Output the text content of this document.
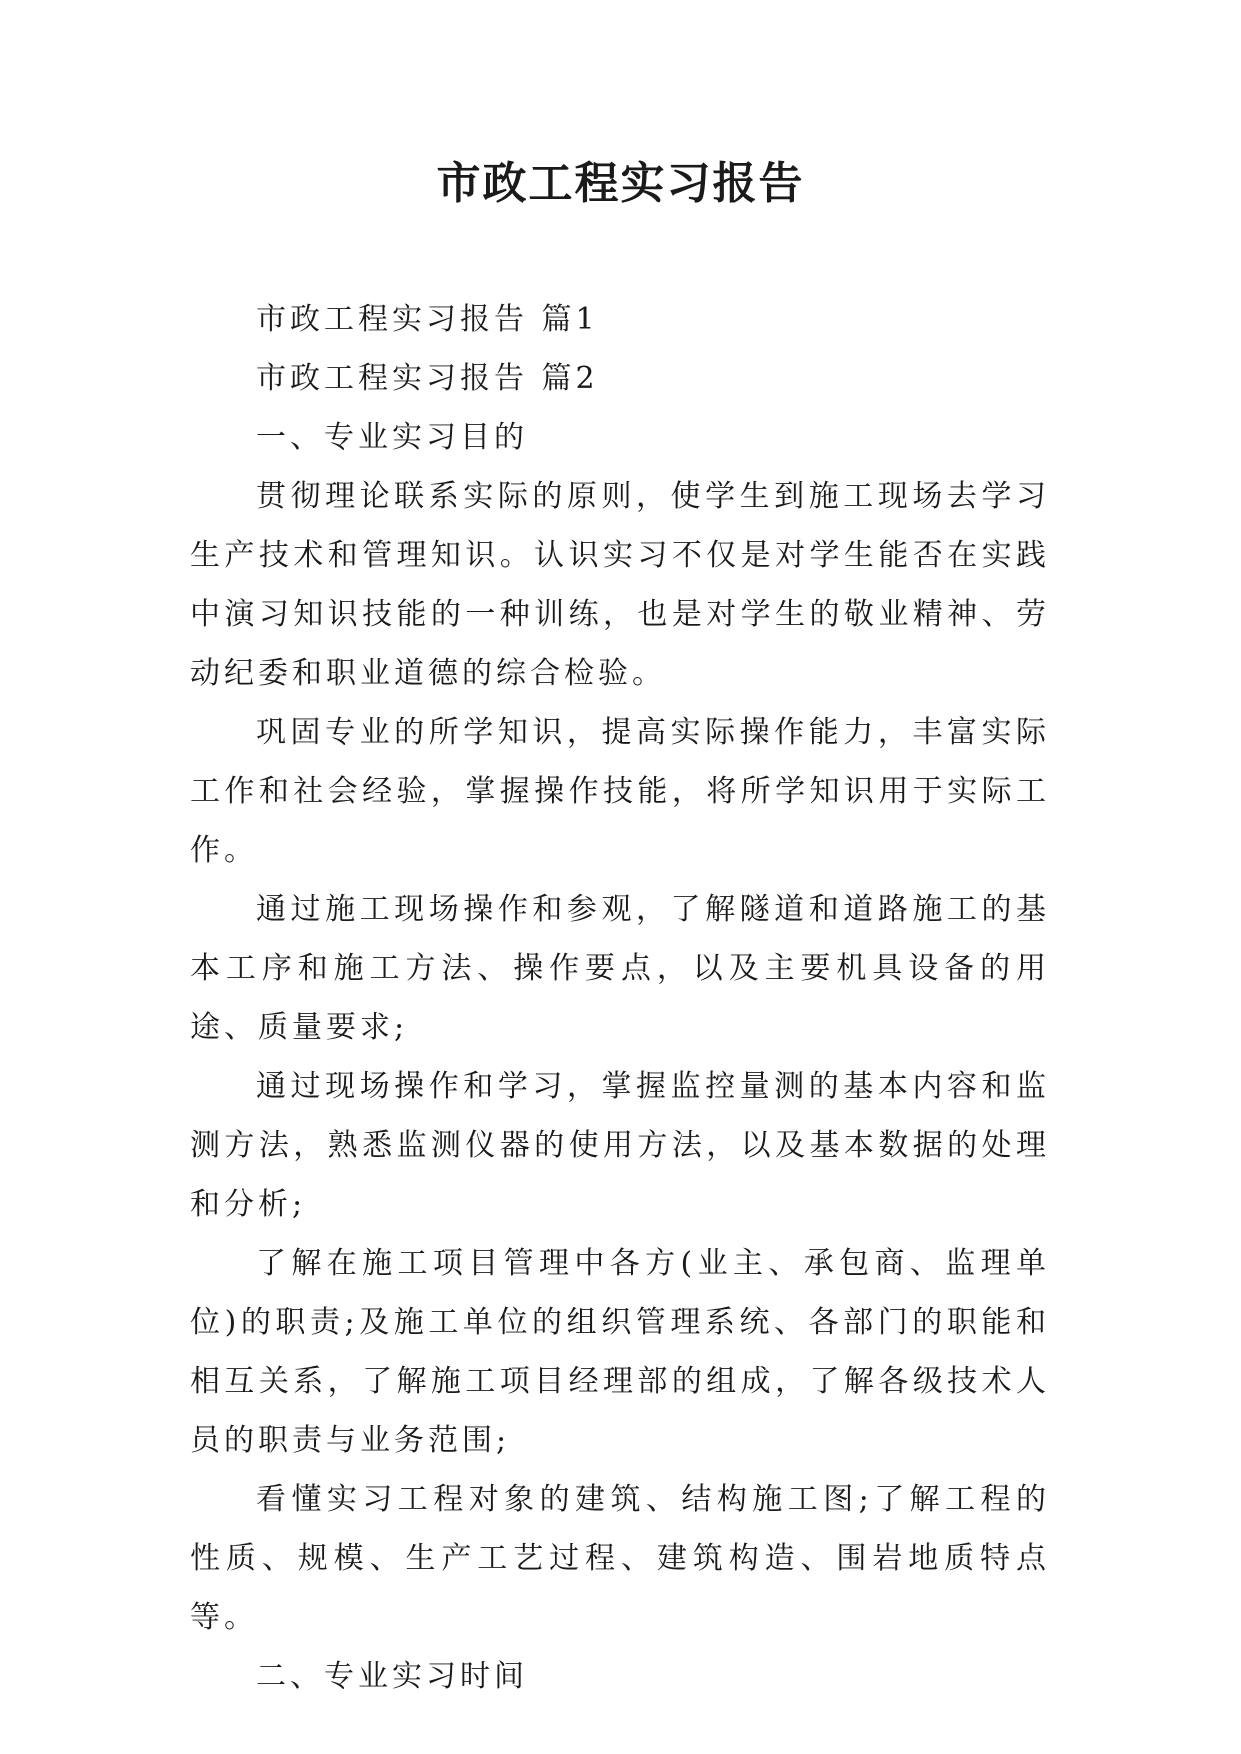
市政工程实习报告

市政工程实习报告 篇1

市政工程实习报告 篇2

一、专业实习目的

贯彻理论联系实际的原则，使学生到施工现场去学习生产技术和管理知识。认识实习不仅是对学生能否在实践中演习知识技能的一种训练，也是对学生的敬业精神、劳动纪委和职业道德的综合检验。

巩固专业的所学知识，提高实际操作能力，丰富实际工作和社会经验，掌握操作技能，将所学知识用于实际工作。

通过施工现场操作和参观，了解隧道和道路施工的基本工序和施工方法、操作要点，以及主要机具设备的用途、质量要求;

通过现场操作和学习，掌握监控量测的基本内容和监测方法，熟悉监测仪器的使用方法，以及基本数据的处理和分析;

了解在施工项目管理中各方(业主、承包商、监理单位)的职责;及施工单位的组织管理系统、各部门的职能和相互关系，了解施工项目经理部的组成，了解各级技术人员的职责与业务范围;

看懂实习工程对象的建筑、结构施工图;了解工程的性质、规模、生产工艺过程、建筑构造、围岩地质特点等。

二、专业实习时间
